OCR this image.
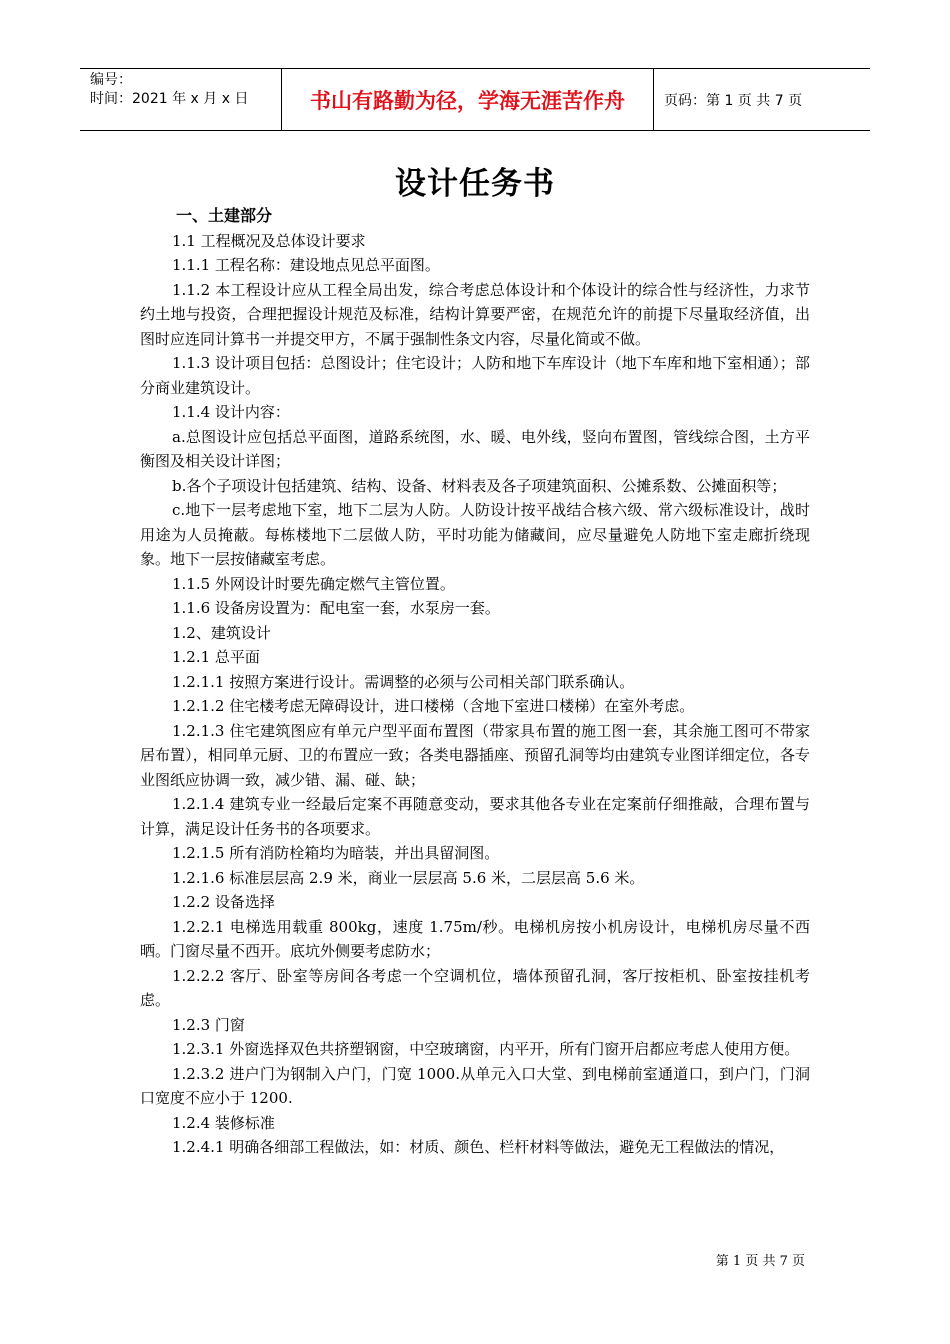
编号：
时间：2021 年 x 月 x 日	书山有路勤为径，学海无涯苦作舟	页码：第 1 页 共 7 页
设计任务书

一、土建部分

1.1 工程概况及总体设计要求

1.1.1 工程名称：建设地点见总平面图。

1.1.2 本工程设计应从工程全局出发，综合考虑总体设计和个体设计的综合性与经济性，力求节约土地与投资，合理把握设计规范及标准，结构计算要严密，在规范允许的前提下尽量取经济值，出图时应连同计算书一并提交甲方，不属于强制性条文内容，尽量化简或不做。

1.1.3 设计项目包括：总图设计；住宅设计；人防和地下车库设计（地下车库和地下室相通）；部分商业建筑设计。

1.1.4 设计内容：

a.总图设计应包括总平面图，道路系统图，水、暖、电外线，竖向布置图，管线综合图，土方平衡图及相关设计详图；

b.各个子项设计包括建筑、结构、设备、材料表及各子项建筑面积、公摊系数、公摊面积等；

c.地下一层考虑地下室，地下二层为人防。人防设计按平战结合核六级、常六级标准设计，战时用途为人员掩蔽。每栋楼地下二层做人防，平时功能为储藏间，应尽量避免人防地下室走廊折绕现象。地下一层按储藏室考虑。

1.1.5 外网设计时要先确定燃气主管位置。

1.1.6 设备房设置为：配电室一套，水泵房一套。

1.2、建筑设计

1.2.1 总平面

1.2.1.1 按照方案进行设计。需调整的必须与公司相关部门联系确认。

1.2.1.2 住宅楼考虑无障碍设计，进口楼梯（含地下室进口楼梯）在室外考虑。

1.2.1.3 住宅建筑图应有单元户型平面布置图（带家具布置的施工图一套，其余施工图可不带家居布置），相同单元厨、卫的布置应一致；各类电器插座、预留孔洞等均由建筑专业图详细定位，各专业图纸应协调一致，减少错、漏、碰、缺；

1.2.1.4 建筑专业一经最后定案不再随意变动，要求其他各专业在定案前仔细推敲，合理布置与计算，满足设计任务书的各项要求。

1.2.1.5 所有消防栓箱均为暗装，并出具留洞图。

1.2.1.6 标准层层高 2.9 米，商业一层层高 5.6 米，二层层高 5.6 米。

1.2.2 设备选择

1.2.2.1 电梯选用载重 800kg，速度 1.75m/秒。电梯机房按小机房设计，电梯机房尽量不西晒。门窗尽量不西开。底坑外侧要考虑防水；

1.2.2.2 客厅、卧室等房间各考虑一个空调机位，墙体预留孔洞，客厅按柜机、卧室按挂机考虑。

1.2.3 门窗

1.2.3.1 外窗选择双色共挤塑钢窗，中空玻璃窗，内平开，所有门窗开启都应考虑人使用方便。

1.2.3.2 进户门为钢制入户门，门宽 1000.从单元入口大堂、到电梯前室通道口，到户门，门洞口宽度不应小于 1200.

1.2.4 装修标准

1.2.4.1 明确各细部工程做法，如：材质、颜色、栏杆材料等做法，避免无工程做法的情况，

第 1 页 共 7 页
